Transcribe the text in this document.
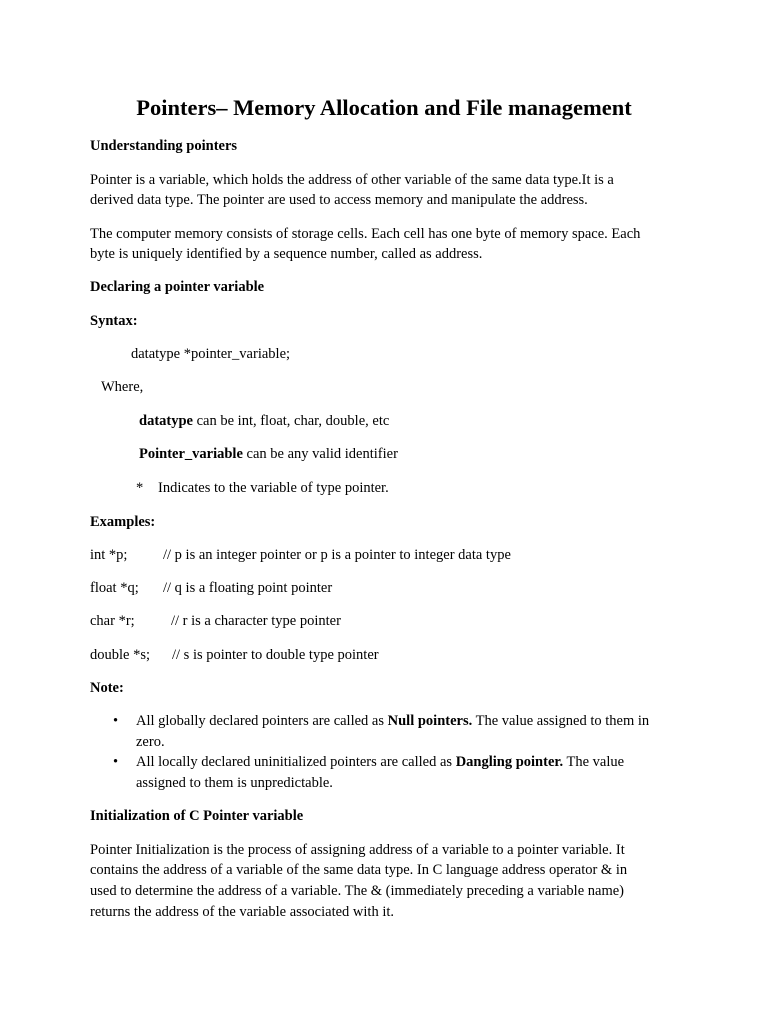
Pointers– Memory Allocation and File management
Understanding pointers
Pointer is a variable, which holds the address of other variable of the same data type.It is a
derived data type. The pointer are used to access memory and manipulate the address.
The computer memory consists of storage cells. Each cell has one byte of memory space. Each
byte is uniquely identified by a sequence number, called as address.
Declaring a pointer variable
Syntax:
datatype *pointer_variable;
Where,
datatype can be int, float, char, double, etc
Pointer_variable can be any valid identifier
* Indicates to the variable of type pointer.
Examples:
int *p; // p is an integer pointer or p is a pointer to integer data type
float *q; // q is a floating point pointer
char *r;	// r is a character type pointer
double *s; // s is pointer to double type pointer
Note:
• All globally declared pointers are called as Null pointers. The value assigned to them in
zero.
• All locally declared uninitialized pointers are called as Dangling pointer. The value
assigned to them is unpredictable.
Initialization of C Pointer variable
Pointer Initialization is the process of assigning address of a variable to a pointer variable. It
contains the address of a variable of the same data type. In C language address operator & in
used to determine the address of a variable. The & (immediately preceding a variable name)
returns the address of the variable associated with it.
